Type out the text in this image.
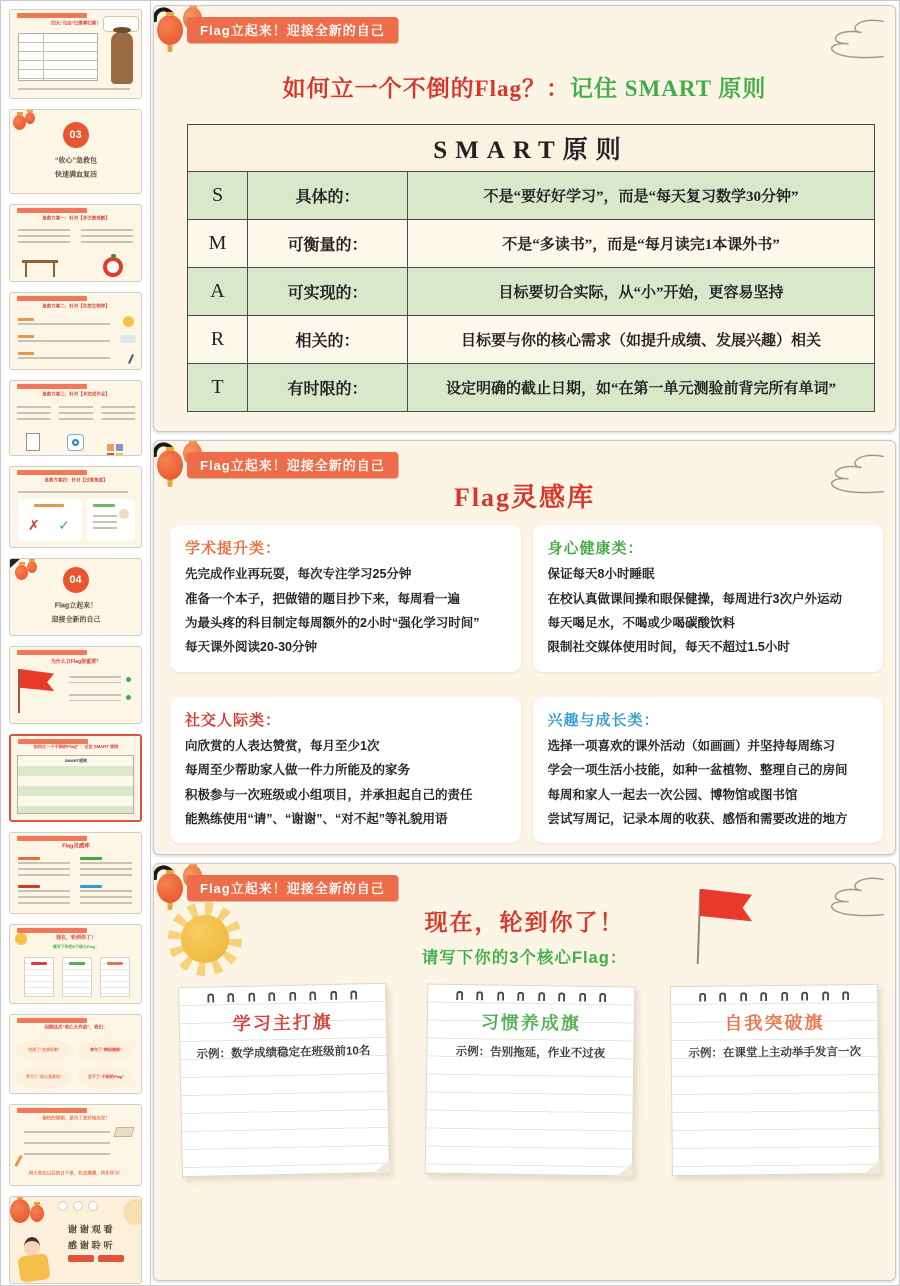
四大“元凶”已缉拿归案！
03
“收心”急救包
快速满血复活
急救方案一：针对【多巴胺戒断】
急救方案二：针对【失控生物钟】
急救方案三：针对【未完成作业】
急救方案四：针对【过度焦虑】
✗ ✓
04
Flag立起来！
迎接全新的自己
为什么立Flag很重要？
如何立一个不倒的Flag？：记住 SMART 原则
SMART原则
Flag灵感库
现在，轮到你了！
请写下你的3个核心Flag：
回顾这次“收心大作战”，我们：
完成了“自我诊断”	参与了“病因揭秘”
学习了“收心急救包”	立下了“不倒的Flag”
愉快的假期，是为了更好地出发！
祝大家在以后的日子里，状态满满，快乐学习！
谢谢观看
感谢聆听
Flag立起来！迎接全新的自己
如何立一个不倒的Flag？：记住 SMART 原则
SMART原则		
S	具体的：	不是“要好好学习”，而是“每天复习数学30分钟”
M	可衡量的：	不是“多读书”，而是“每月读完1本课外书”
A	可实现的：	目标要切合实际，从“小”开始，更容易坚持
R	相关的：	目标要与你的核心需求（如提升成绩、发展兴趣）相关
T	有时限的：	设定明确的截止日期，如“在第一单元测验前背完所有单词”
Flag立起来！迎接全新的自己
Flag灵感库
学术提升类：

先完成作业再玩耍，每次专注学习25分钟

准备一个本子，把做错的题目抄下来，每周看一遍

为最头疼的科目制定每周额外的2小时“强化学习时间”

每天课外阅读20-30分钟

身心健康类：

保证每天8小时睡眠

在校认真做课间操和眼保健操，每周进行3次户外运动

每天喝足水，不喝或少喝碳酸饮料

限制社交媒体使用时间，每天不超过1.5小时

社交人际类：

向欣赏的人表达赞赏，每月至少1次

每周至少帮助家人做一件力所能及的家务

积极参与一次班级或小组项目，并承担起自己的责任

能熟练使用“请”、“谢谢”、“对不起”等礼貌用语

兴趣与成长类：

选择一项喜欢的课外活动（如画画）并坚持每周练习

学会一项生活小技能，如种一盆植物、整理自己的房间

每周和家人一起去一次公园、博物馆或图书馆

尝试写周记，记录本周的收获、感悟和需要改进的地方

Flag立起来！迎接全新的自己
现在，轮到你了！
请写下你的3个核心Flag：
学习主打旗
示例：数学成绩稳定在班级前10名
习惯养成旗
示例：告别拖延，作业不过夜
自我突破旗
示例：在课堂上主动举手发言一次
